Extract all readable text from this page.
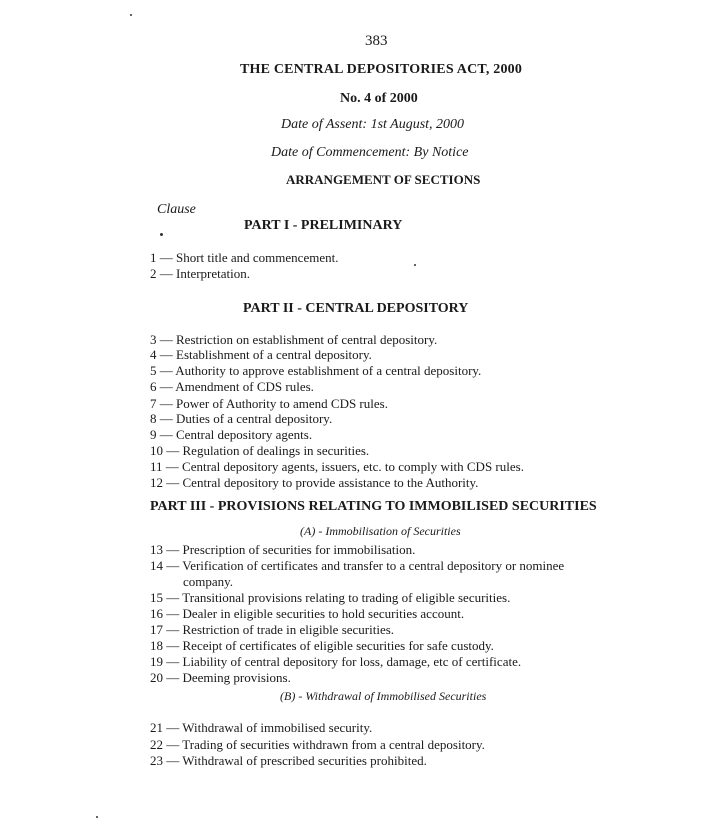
383
THE CENTRAL DEPOSITORIES ACT, 2000
No. 4 of 2000
Date of Assent: 1st August, 2000
Date of Commencement: By Notice
ARRANGEMENT OF SECTIONS
Clause
PART I - PRELIMINARY
1 — Short title and commencement.
2 — Interpretation.
PART II - CENTRAL DEPOSITORY
3 — Restriction on establishment of central depository.
4 — Establishment of a central depository.
5 — Authority to approve establishment of a central depository.
6 — Amendment of CDS rules.
7 — Power of Authority to amend CDS rules.
8 — Duties of a central depository.
9 — Central depository agents.
10 — Regulation of dealings in securities.
11 — Central depository agents, issuers, etc. to comply with CDS rules.
12 — Central depository to provide assistance to the Authority.
PART III - PROVISIONS RELATING TO IMMOBILISED SECURITIES
(A) - Immobilisation of Securities
13 — Prescription of securities for immobilisation.
14 — Verification of certificates and transfer to a central depository or nominee
company.
15 — Transitional provisions relating to trading of eligible securities.
16 — Dealer in eligible securities to hold securities account.
17 — Restriction of trade in eligible securities.
18 — Receipt of certificates of eligible securities for safe custody.
19 — Liability of central depository for loss, damage, etc of certificate.
20 — Deeming provisions.
(B) - Withdrawal of Immobilised Securities
21 — Withdrawal of immobilised security.
22 — Trading of securities withdrawn from a central depository.
23 — Withdrawal of prescribed securities prohibited.
